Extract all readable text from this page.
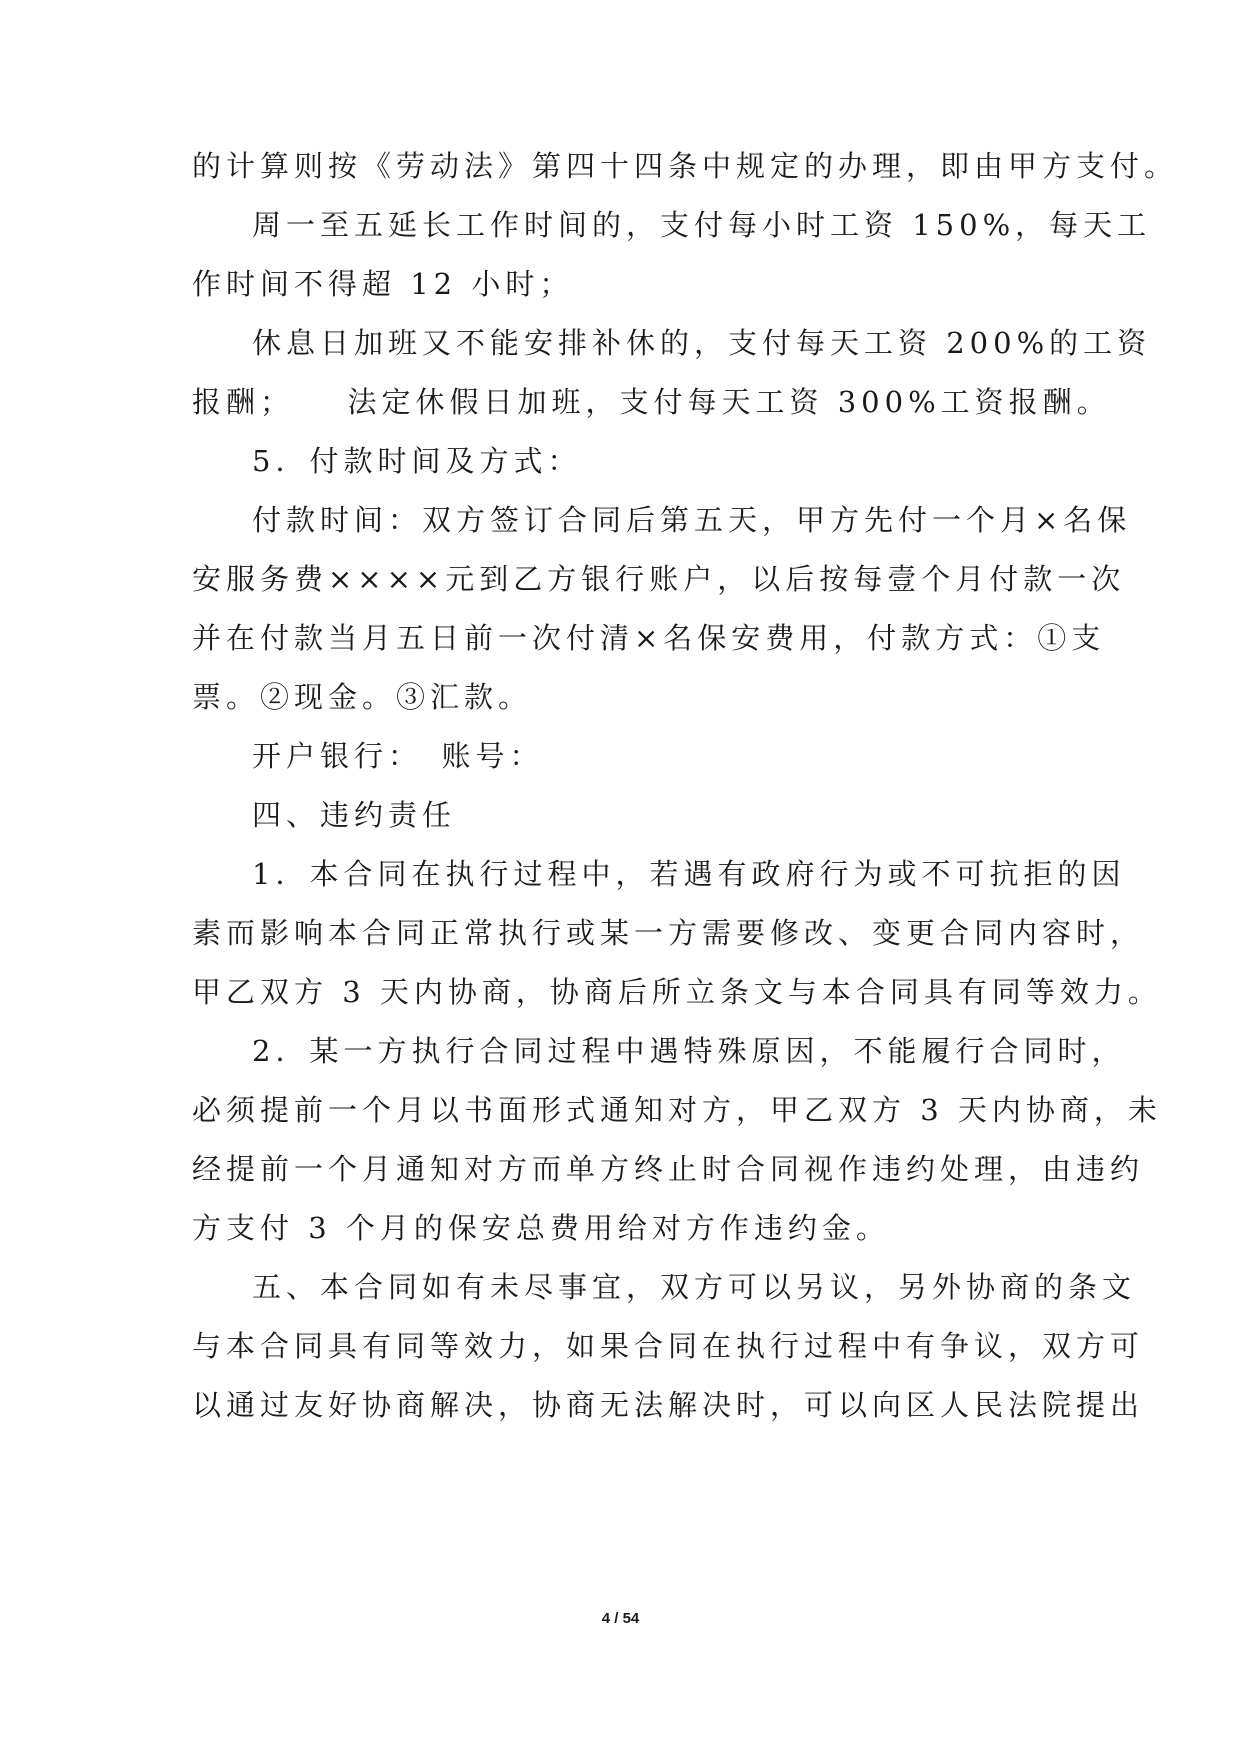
的计算则按《劳动法》第四十四条中规定的办理，即由甲方支付。
周一至五延长工作时间的，支付每小时工资 150%，每天工
作时间不得超 12 小时；
休息日加班又不能安排补休的，支付每天工资 200%的工资
报酬；　　法定休假日加班，支付每天工资 300%工资报酬。
5．付款时间及方式：
付款时间：双方签订合同后第五天，甲方先付一个月×名保
安服务费××××元到乙方银行账户，以后按每壹个月付款一次
并在付款当月五日前一次付清×名保安费用，付款方式：①支
票。②现金。③汇款。
开户银行：　账号：
四、违约责任
1．本合同在执行过程中，若遇有政府行为或不可抗拒的因
素而影响本合同正常执行或某一方需要修改、变更合同内容时，
甲乙双方 3 天内协商，协商后所立条文与本合同具有同等效力。
2．某一方执行合同过程中遇特殊原因，不能履行合同时，
必须提前一个月以书面形式通知对方，甲乙双方 3 天内协商，未
经提前一个月通知对方而单方终止时合同视作违约处理，由违约
方支付 3 个月的保安总费用给对方作违约金。
五、本合同如有未尽事宜，双方可以另议，另外协商的条文
与本合同具有同等效力，如果合同在执行过程中有争议，双方可
以通过友好协商解决，协商无法解决时，可以向区人民法院提出
4 / 54
